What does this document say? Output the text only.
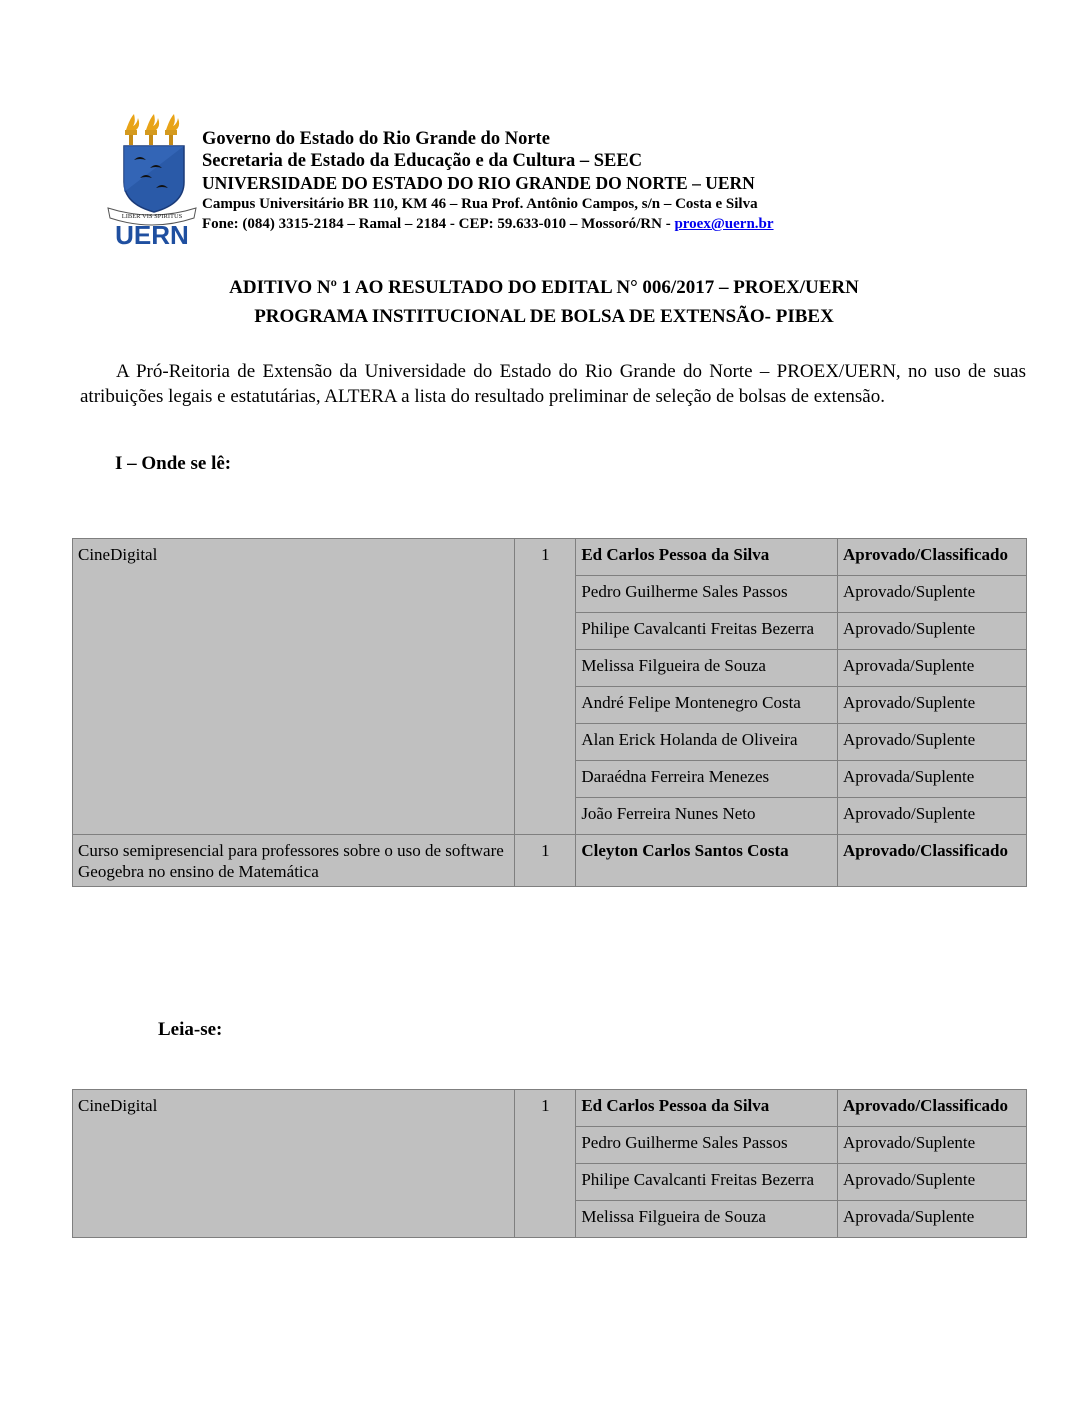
LIBER VIS SPIRITUS
UERN

Governo do Estado do Rio Grande do Norte

Secretaria de Estado da Educação e da Cultura – SEEC

UNIVERSIDADE DO ESTADO DO RIO GRANDE DO NORTE – UERN

Campus Universitário BR 110, KM 46 – Rua Prof. Antônio Campos, s/n – Costa e Silva

Fone: (084) 3315-2184 – Ramal – 2184 - CEP: 59.633-010 – Mossoró/RN - proex@uern.br

ADITIVO Nº 1 AO RESULTADO DO EDITAL N° 006/2017 – PROEX/UERN
PROGRAMA INSTITUCIONAL DE BOLSA DE EXTENSÃO- PIBEX
A Pró-Reitoria de Extensão da Universidade do Estado do Rio Grande do Norte – PROEX/UERN, no uso de suas atribuições legais e estatutárias, ALTERA a lista do resultado preliminar de seleção de bolsas de extensão.
I – Onde se lê:
CineDigital	1	Ed Carlos Pessoa da Silva	Aprovado/Classificado
		Pedro Guilherme Sales Passos	Aprovado/Suplente
		Philipe Cavalcanti Freitas Bezerra	Aprovado/Suplente
		Melissa Filgueira de Souza	Aprovada/Suplente
		André Felipe Montenegro Costa	Aprovado/Suplente
		Alan Erick Holanda de Oliveira	Aprovado/Suplente
		Daraédna Ferreira Menezes	Aprovada/Suplente
		João Ferreira Nunes Neto	Aprovado/Suplente
Curso semipresencial para professores sobre o uso de software Geogebra no ensino de Matemática	1	Cleyton Carlos Santos Costa	Aprovado/Classificado
Leia-se:
CineDigital	1	Ed Carlos Pessoa da Silva	Aprovado/Classificado
		Pedro Guilherme Sales Passos	Aprovado/Suplente
		Philipe Cavalcanti Freitas Bezerra	Aprovado/Suplente
		Melissa Filgueira de Souza	Aprovada/Suplente
